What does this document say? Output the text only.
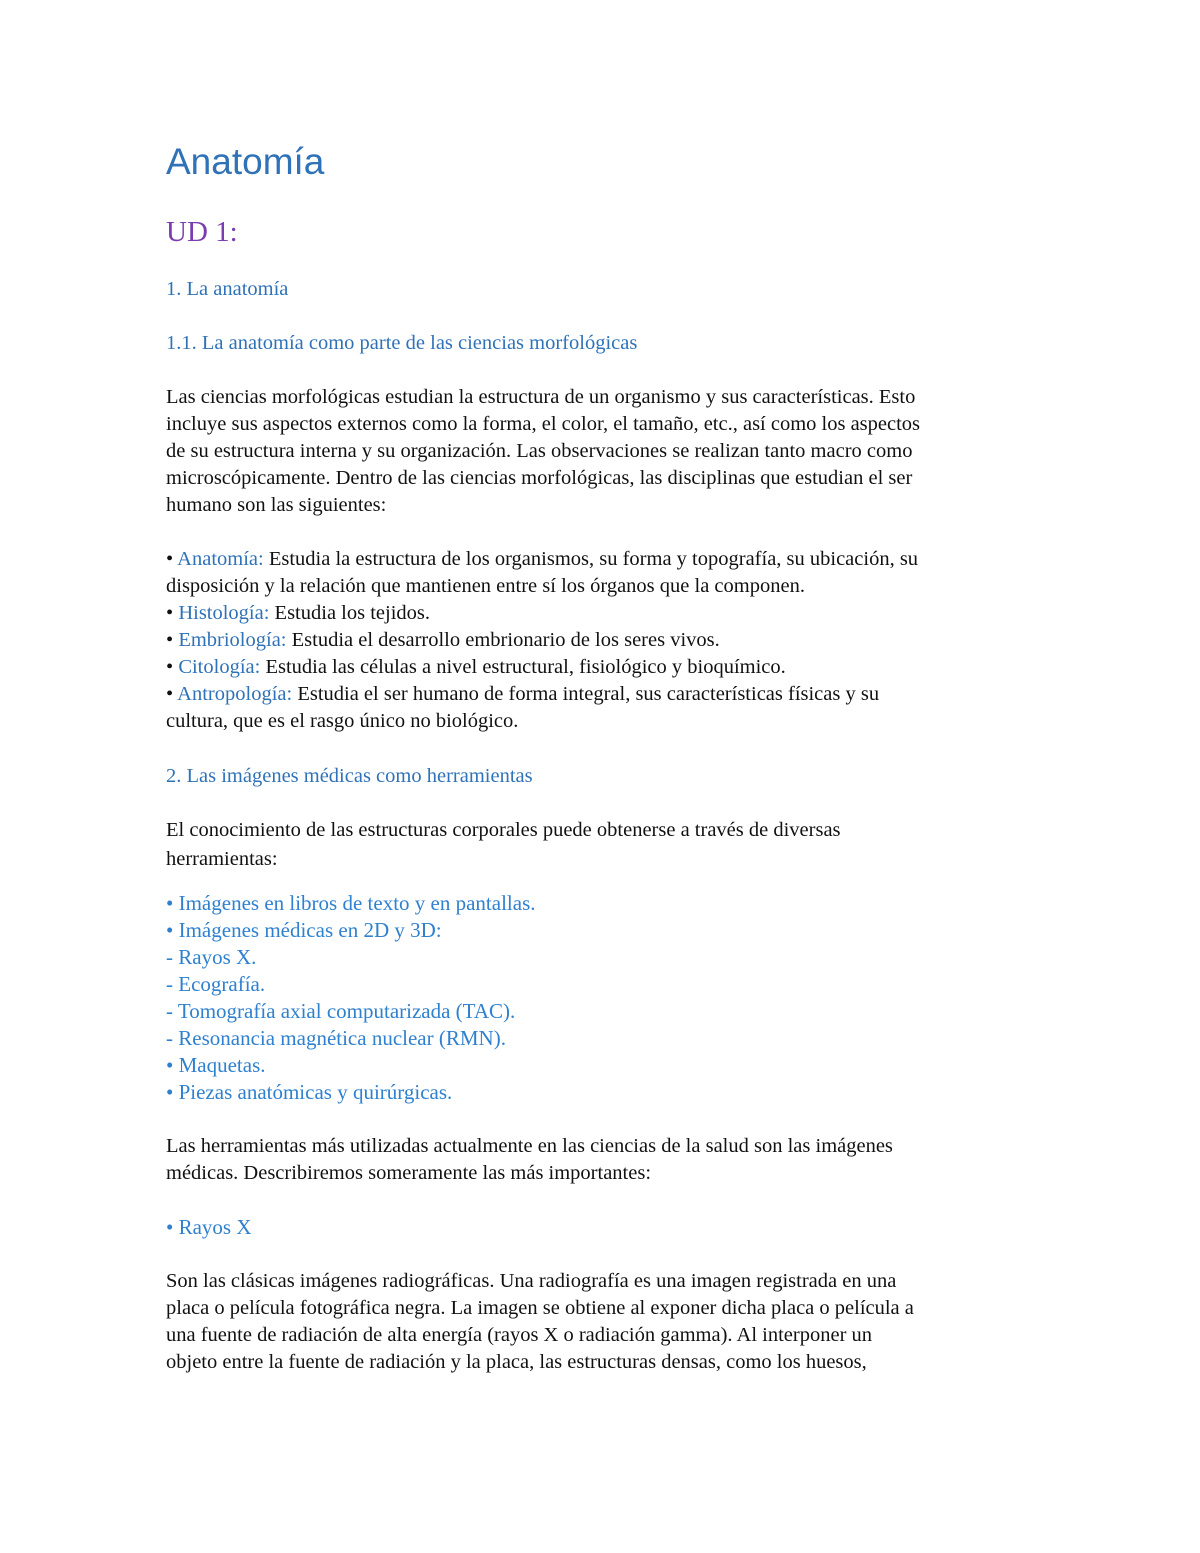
Anatomía
UD 1:

1. La anatomía

1.1. La anatomía como parte de las ciencias morfológicas

Las ciencias morfológicas estudian la estructura de un organismo y sus características. Esto

incluye sus aspectos externos como la forma, el color, el tamaño, etc., así como los aspectos

de su estructura interna y su organización. Las observaciones se realizan tanto macro como

microscópicamente. Dentro de las ciencias morfológicas, las disciplinas que estudian el ser

humano son las siguientes:

• Anatomía: Estudia la estructura de los organismos, su forma y topografía, su ubicación, su

disposición y la relación que mantienen entre sí los órganos que la componen.

• Histología: Estudia los tejidos.

• Embriología: Estudia el desarrollo embrionario de los seres vivos.

• Citología: Estudia las células a nivel estructural, fisiológico y bioquímico.

• Antropología: Estudia el ser humano de forma integral, sus características físicas y su

cultura, que es el rasgo único no biológico.

2. Las imágenes médicas como herramientas

El conocimiento de las estructuras corporales puede obtenerse a través de diversas

herramientas:

• Imágenes en libros de texto y en pantallas.

• Imágenes médicas en 2D y 3D:

- Rayos X.

- Ecografía.

- Tomografía axial computarizada (TAC).

- Resonancia magnética nuclear (RMN).

• Maquetas.

• Piezas anatómicas y quirúrgicas.

Las herramientas más utilizadas actualmente en las ciencias de la salud son las imágenes

médicas. Describiremos someramente las más importantes:

• Rayos X

Son las clásicas imágenes radiográficas. Una radiografía es una imagen registrada en una

placa o película fotográfica negra. La imagen se obtiene al exponer dicha placa o película a

una fuente de radiación de alta energía (rayos X o radiación gamma). Al interponer un

objeto entre la fuente de radiación y la placa, las estructuras densas, como los huesos,
